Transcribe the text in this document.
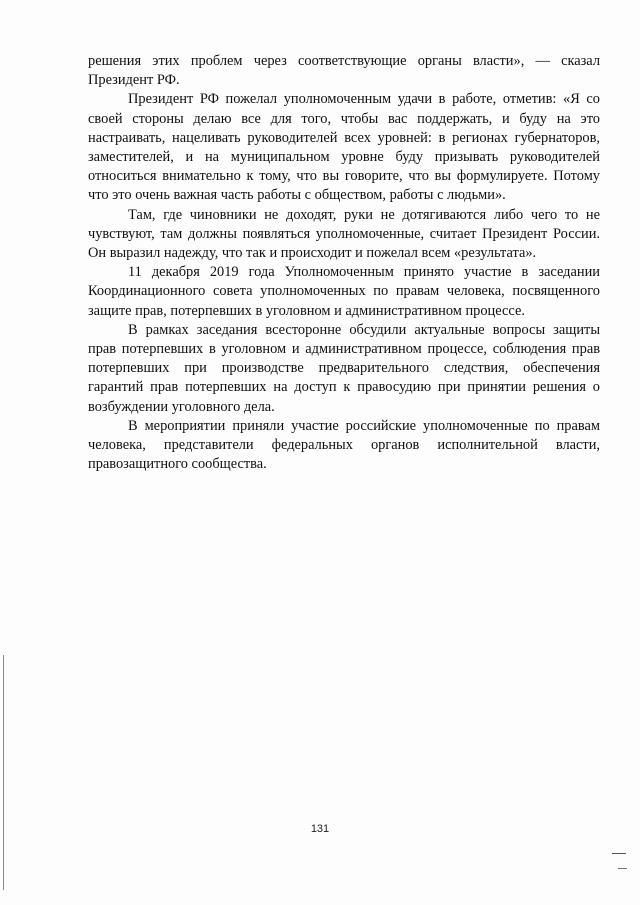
решения этих проблем через соответствующие органы власти», — сказал Президент РФ.

Президент РФ пожелал уполномоченным удачи в работе, отметив: «Я со своей стороны делаю все для того, чтобы вас поддержать, и буду на это настраивать, нацеливать руководителей всех уровней: в регионах губернаторов, заместителей, и на муниципальном уровне буду призывать руководителей относиться внимательно к тому, что вы говорите, что вы формулируете. Потому что это очень важная часть работы с обществом, работы с людьми».

Там, где чиновники не доходят, руки не дотягиваются либо чего то не чувствуют, там должны появляться уполномоченные, считает Президент России. Он выразил надежду, что так и происходит и пожелал всем «результата».

11 декабря 2019 года Уполномоченным принято участие в заседании Координационного совета уполномоченных по правам человека, посвященного защите прав, потерпевших в уголовном и административном процессе.

В рамках заседания всесторонне обсудили актуальные вопросы защиты прав потерпевших в уголовном и административном процессе, соблюдения прав потерпевших при производстве предварительного следствия, обеспечения гарантий прав потерпевших на доступ к правосудию при принятии решения о возбуждении уголовного дела.

В мероприятии приняли участие российские уполномоченные по правам человека, представители федеральных органов исполнительной власти, правозащитного сообщества.

131
